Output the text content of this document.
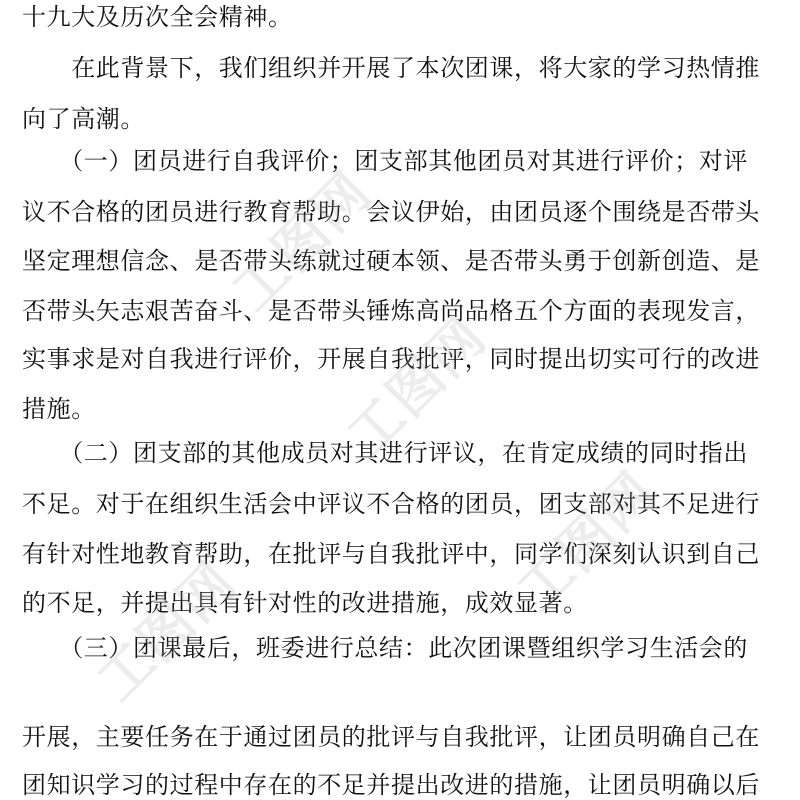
十九大及历次全会精神。
　　在此背景下，我们组织并开展了本次团课，将大家的学习热情推
向了高潮。
　　（一）团员进行自我评价；团支部其他团员对其进行评价；对评
议不合格的团员进行教育帮助。会议伊始，由团员逐个围绕是否带头
坚定理想信念、是否带头练就过硬本领、是否带头勇于创新创造、是
否带头矢志艰苦奋斗、是否带头锤炼高尚品格五个方面的表现发言，
实事求是对自我进行评价，开展自我批评，同时提出切实可行的改进
措施。
　　（二）团支部的其他成员对其进行评议，在肯定成绩的同时指出
不足。对于在组织生活会中评议不合格的团员，团支部对其不足进行
有针对性地教育帮助，在批评与自我批评中，同学们深刻认识到自己
的不足，并提出具有针对性的改进措施，成效显著。
　　（三）团课最后，班委进行总结：此次团课暨组织学习生活会的
开展，主要任务在于通过团员的批评与自我批评，让团员明确自己在
团知识学习的过程中存在的不足并提出改进的措施，让团员明确以后
工图网
工图网
工图网
工图网
